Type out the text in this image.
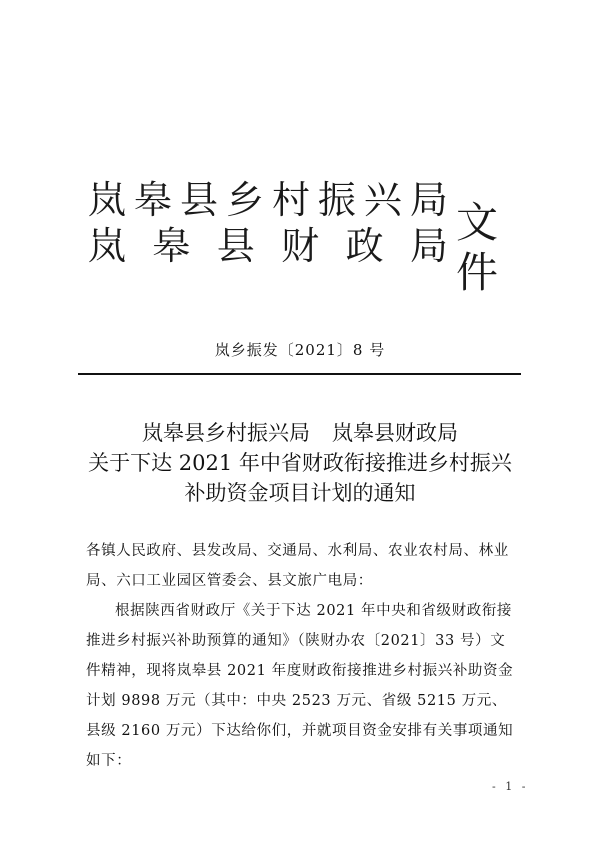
岚 皋 县 乡 村 振 兴 局
岚 皋 县 财 政 局 文件
岚乡振发〔2021〕8 号
岚皋县乡村振兴局 岚皋县财政局
关于下达 2021 年中省财政衔接推进乡村振兴
补助资金项目计划的通知

各镇人民政府、县发改局、交通局、水利局、农业农村局、林业局、六口工业园区管委会、县文旅广电局：

根据陕西省财政厅《关于下达 2021 年中央和省级财政衔接推进乡村振兴补助预算的通知》（陕财办农〔2021〕33 号）文件精神，现将岚皋县 2021 年度财政衔接推进乡村振兴补助资金计划 9898 万元（其中：中央 2523 万元、省级 5215 万元、县级 2160 万元）下达给你们，并就项目资金安排有关事项通知如下：

- 1 -
